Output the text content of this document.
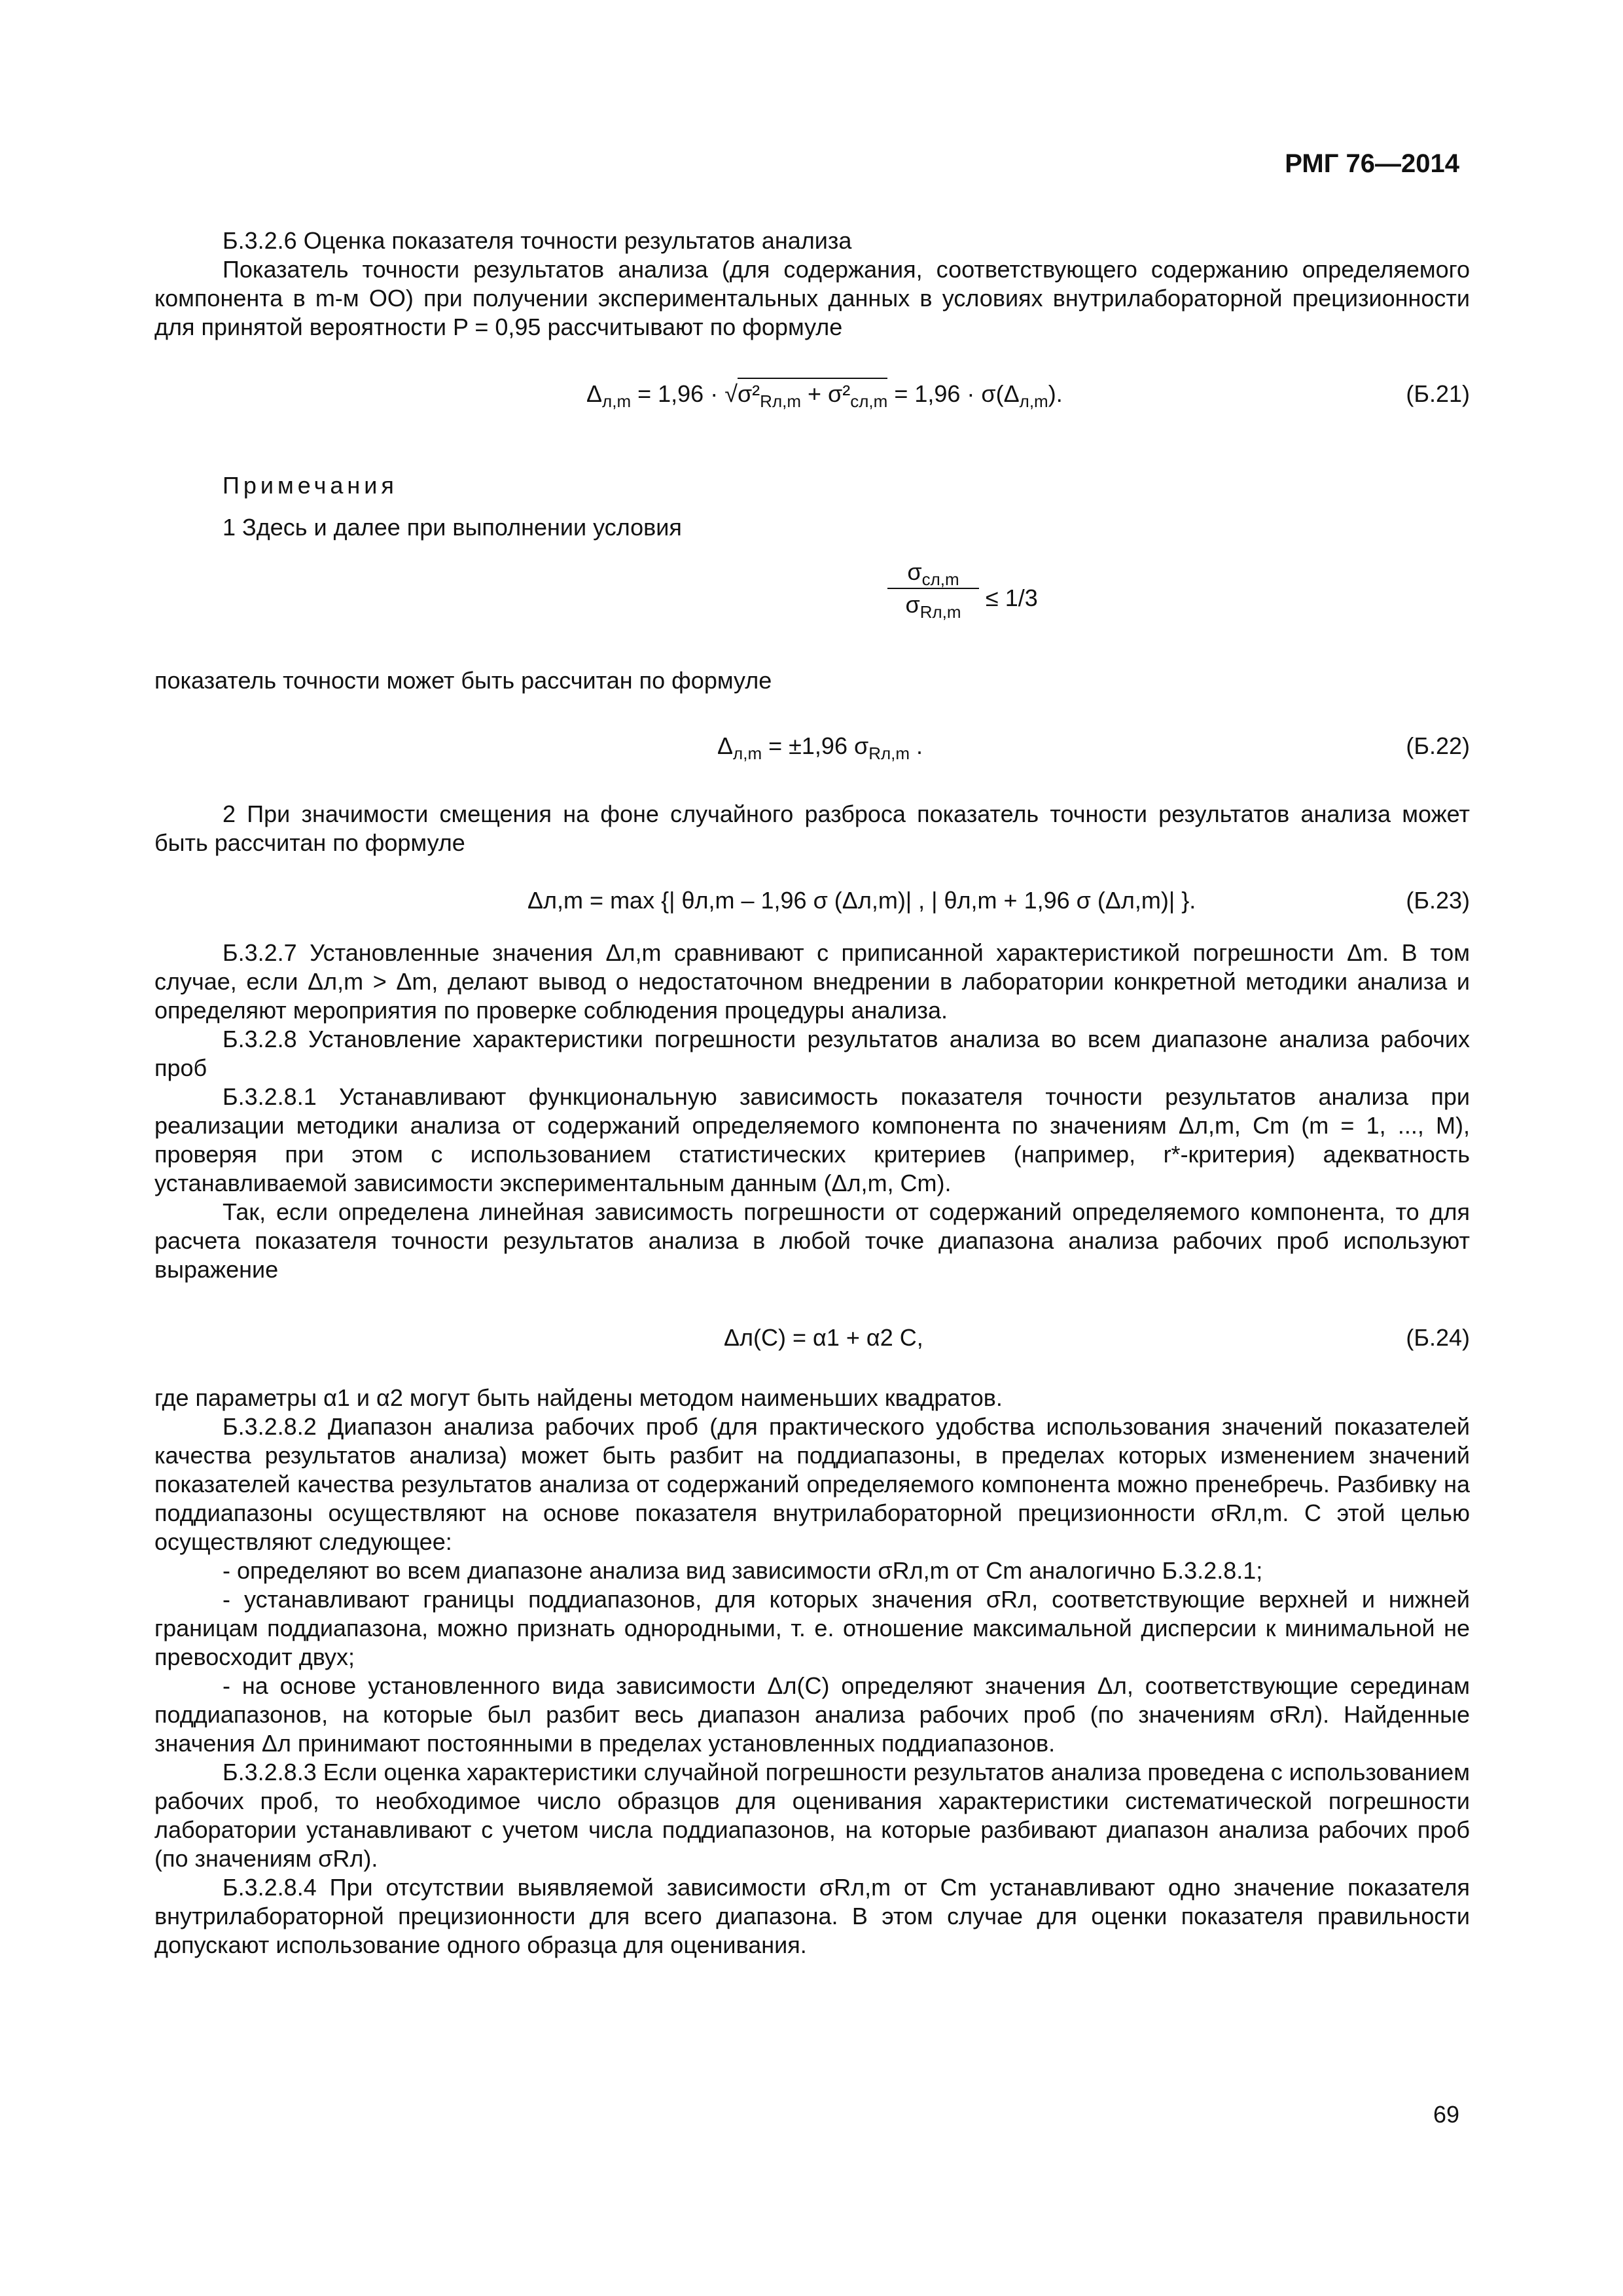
РМГ 76—2014

Б.3.2.6 Оценка показателя точности результатов анализа

Показатель точности результатов анализа (для содержания, соответствующего содержанию определяемого компонента в m-м ОО) при получении экспериментальных данных в условиях внутрилабораторной прецизионности для принятой вероятности P = 0,95 рассчитывают по формуле

$\Delta_{л,m} = 1,96 \cdot √\sigma^2_{Rл,m} + \sigma^2_{cл,m} = 1,96 \cdot \sigma(\Delta_{л,m})$.	(Б.21)

Примечания

1 Здесь и далее при выполнении условия

$\sigma_{cл,m}$
$\sigma_{Rл,m}$
≤ 1/3

показатель точности может быть рассчитан по формуле

$\Delta_{л,m} = \pm 1,96$ $\sigma_{Rл,m}$ .	(Б.22)

2 При значимости смещения на фоне случайного разброса показатель точности результатов анализа может быть рассчитан по формуле

Δл,m = max {| θл,m – 1,96 σ (Δл,m)| , | θл,m + 1,96 σ (Δл,m)| }.	(Б.23)

Б.3.2.7 Установленные значения Δл,m сравнивают с приписанной характеристикой погрешности Δm. В том случае, если Δл,m > Δm, делают вывод о недостаточном внедрении в лаборатории конкретной методики анализа и определяют мероприятия по проверке соблюдения процедуры анализа.

Б.3.2.8 Установление характеристики погрешности результатов анализа во всем диапазоне анализа рабочих проб

Б.3.2.8.1 Устанавливают функциональную зависимость показателя точности результатов анализа при реализации методики анализа от содержаний определяемого компонента по значениям Δл,m, Cm (m = 1, ..., M), проверяя при этом с использованием статистических критериев (например, r*-критерия) адекватность устанавливаемой зависимости экспериментальным данным (Δл,m, Cm).

Так, если определена линейная зависимость погрешности от содержаний определяемого компонента, то для расчета показателя точности результатов анализа в любой точке диапазона анализа рабочих проб используют выражение

Δл(C) = α1 + α2 C,	(Б.24)

где параметры α1 и α2 могут быть найдены методом наименьших квадратов.

Б.3.2.8.2 Диапазон анализа рабочих проб (для практического удобства использования значений показателей качества результатов анализа) может быть разбит на поддиапазоны, в пределах которых изменением значений показателей качества результатов анализа от содержаний определяемого компонента можно пренебречь. Разбивку на поддиапазоны осуществляют на основе показателя внутрилабораторной прецизионности σRл,m. С этой целью осуществляют следующее:

- определяют во всем диапазоне анализа вид зависимости σRл,m от Cm аналогично Б.3.2.8.1;

- устанавливают границы поддиапазонов, для которых значения σRл, соответствующие верхней и нижней границам поддиапазона, можно признать однородными, т. е. отношение максимальной дисперсии к минимальной не превосходит двух;

- на основе установленного вида зависимости Δл(C) определяют значения Δл, соответствующие серединам поддиапазонов, на которые был разбит весь диапазон анализа рабочих проб (по значениям σRл). Найденные значения Δл принимают постоянными в пределах установленных поддиапазонов.

Б.3.2.8.3 Если оценка характеристики случайной погрешности результатов анализа проведена с использованием рабочих проб, то необходимое число образцов для оценивания характеристики систематической погрешности лаборатории устанавливают с учетом числа поддиапазонов, на которые разбивают диапазон анализа рабочих проб (по значениям σRл).

Б.3.2.8.4 При отсутствии выявляемой зависимости σRл,m от Cm устанавливают одно значение показателя внутрилабораторной прецизионности для всего диапазона. В этом случае для оценки показателя правильности допускают использование одного образца для оценивания.

69
